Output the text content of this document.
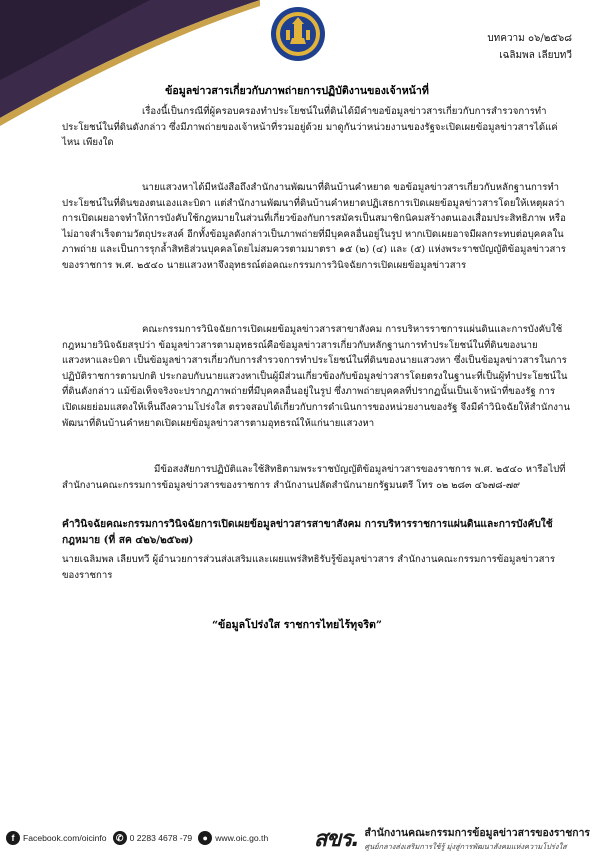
บทความ ๐๖/๒๕๖๘
เฉลิมพล เลียบทวี
ข้อมูลข่าวสารเกี่ยวกับภาพถ่ายการปฏิบัติงานของเจ้าหน้าที่

เรื่องนี้เป็นกรณีที่ผู้ครอบครองทำประโยชน์ในที่ดินได้มีคำขอข้อมูลข่าวสารเกี่ยวกับการสำรวจการทำประโยชน์ในที่ดินดังกล่าว ซึ่งมีภาพถ่ายของเจ้าหน้าที่รวมอยู่ด้วย มาดูกันว่าหน่วยงานของรัฐจะเปิดเผยข้อมูลข่าวสารได้แค่ไหน เพียงใด

นายแสวงหาได้มีหนังสือถึงสำนักงานพัฒนาที่ดินบ้านคำหยาด ขอข้อมูลข่าวสารเกี่ยวกับหลักฐานการทำประโยชน์ในที่ดินของตนเองและบิดา แต่สำนักงานพัฒนาที่ดินบ้านคำหยาดปฏิเสธการเปิดเผยข้อมูลข่าวสารโดยให้เหตุผลว่า การเปิดเผยอาจทำให้การบังคับใช้กฎหมายในส่วนที่เกี่ยวข้องกับการสมัครเป็นสมาชิกนิคมสร้างตนเองเสื่อมประสิทธิภาพ หรือไม่อาจสำเร็จตามวัตถุประสงค์ อีกทั้งข้อมูลดังกล่าวเป็นภาพถ่ายที่มีบุคคลอื่นอยู่ในรูป หากเปิดเผยอาจมีผลกระทบต่อบุคคลในภาพถ่าย และเป็นการรุกล้ำสิทธิส่วนบุคคลโดยไม่สมควรตามมาตรา ๑๕ (๒) (๔) และ (๕) แห่งพระราชบัญญัติข้อมูลข่าวสารของราชการ พ.ศ. ๒๕๔๐ นายแสวงหาจึงอุทธรณ์ต่อคณะกรรมการวินิจฉัยการเปิดเผยข้อมูลข่าวสาร

คณะกรรมการวินิจฉัยการเปิดเผยข้อมูลข่าวสารสาขาสังคม การบริหารราชการแผ่นดินและการบังคับใช้กฎหมายวินิจฉัยสรุปว่า ข้อมูลข่าวสารตามอุทธรณ์คือข้อมูลข่าวสารเกี่ยวกับหลักฐานการทำประโยชน์ในที่ดินของนายแสวงหาและบิดา เป็นข้อมูลข่าวสารเกี่ยวกับการสำรวจการทำประโยชน์ในที่ดินของนายแสวงหา ซึ่งเป็นข้อมูลข่าวสารในการปฏิบัติราชการตามปกติ ประกอบกับนายแสวงหาเป็นผู้มีส่วนเกี่ยวข้องกับข้อมูลข่าวสารโดยตรงในฐานะที่เป็นผู้ทำประโยชน์ในที่ดินดังกล่าว แม้ข้อเท็จจริงจะปรากฏภาพถ่ายที่มีบุคคลอื่นอยู่ในรูป ซึ่งภาพถ่ายบุคคลที่ปรากฏนั้นเป็นเจ้าหน้าที่ของรัฐ การเปิดเผยย่อมแสดงให้เห็นถึงความโปร่งใส ตรวจสอบได้เกี่ยวกับการดำเนินการของหน่วยงานของรัฐ จึงมีคำวินิจฉัยให้สำนักงานพัฒนาที่ดินบ้านคำหยาดเปิดเผยข้อมูลข่าวสารตามอุทธรณ์ให้แก่นายแสวงหา

มีข้อสงสัยการปฏิบัติและใช้สิทธิตามพระราชบัญญัติข้อมูลข่าวสารของราชการ พ.ศ. ๒๕๔๐ หารือไปที่สำนักงานคณะกรรมการข้อมูลข่าวสารของราชการ สำนักงานปลัดสำนักนายกรัฐมนตรี โทร ๐๒ ๒๘๓ ๔๖๗๘-๗๙

คำวินิจฉัยคณะกรรมการวินิจฉัยการเปิดเผยข้อมูลข่าวสารสาขาสังคม การบริหารราชการแผ่นดินและการบังคับใช้กฎหมาย (ที่ สค ๔๒๖/๒๕๖๗)

นายเฉลิมพล เลียบทวี ผู้อำนวยการส่วนส่งเสริมและเผยแพร่สิทธิรับรู้ข้อมูลข่าวสาร สำนักงานคณะกรรมการข้อมูลข่าวสารของราชการ

“ข้อมูลโปร่งใส ราชการไทยไร้ทุจริต”
f Facebook.com/oicinfo	✆ 0 2283 4678 -79	● www.oic.go.th สขร. สำนักงานคณะกรรมการข้อมูลข่าวสารของราชการ
ศูนย์กลางส่งเสริมการใช้รู้ มุ่งสู่การพัฒนาสังคมแห่งความโปร่งใส
